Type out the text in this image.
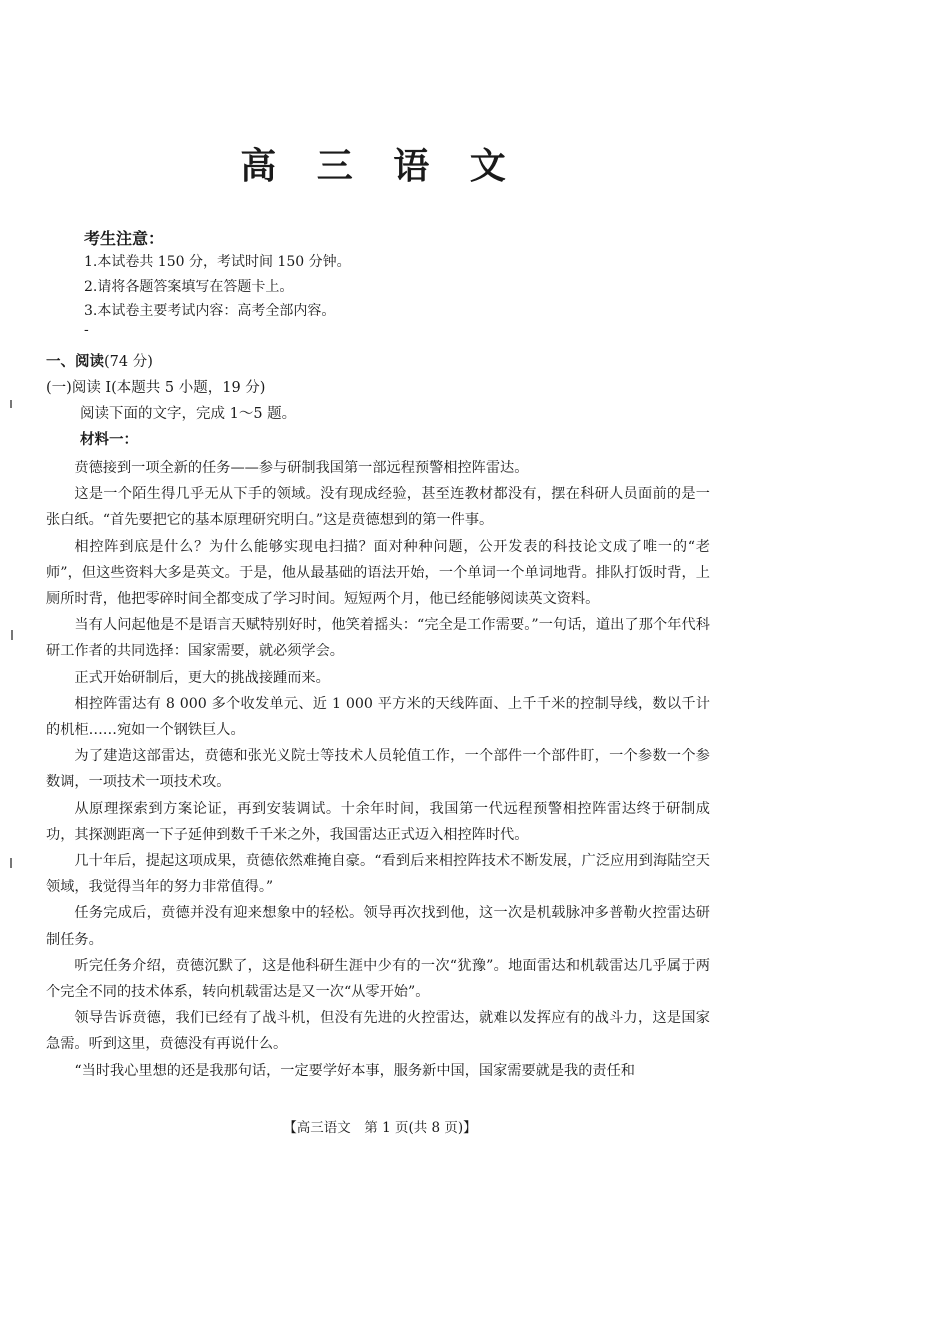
高 三 语 文
考生注意：
1.本试卷共 150 分，考试时间 150 分钟。
2.请将各题答案填写在答题卡上。
3.本试卷主要考试内容：高考全部内容。
-
一、阅读(74 分)
(一)阅读 Ⅰ(本题共 5 小题，19 分)
阅读下面的文字，完成 1～5 题。
材料一：

贲德接到一项全新的任务——参与研制我国第一部远程预警相控阵雷达。

这是一个陌生得几乎无从下手的领域。没有现成经验，甚至连教材都没有，摆在科研人员面前的是一张白纸。“首先要把它的基本原理研究明白。”这是贲德想到的第一件事。

相控阵到底是什么？为什么能够实现电扫描？面对种种问题，公开发表的科技论文成了唯一的“老师”，但这些资料大多是英文。于是，他从最基础的语法开始，一个单词一个单词地背。排队打饭时背，上厕所时背，他把零碎时间全都变成了学习时间。短短两个月，他已经能够阅读英文资料。

当有人问起他是不是语言天赋特别好时，他笑着摇头：“完全是工作需要。”一句话，道出了那个年代科研工作者的共同选择：国家需要，就必须学会。

正式开始研制后，更大的挑战接踵而来。

相控阵雷达有 8 000 多个收发单元、近 1 000 平方米的天线阵面、上千千米的控制导线，数以千计的机柜……宛如一个钢铁巨人。

为了建造这部雷达，贲德和张光义院士等技术人员轮值工作，一个部件一个部件盯，一个参数一个参数调，一项技术一项技术攻。

从原理探索到方案论证，再到安装调试。十余年时间，我国第一代远程预警相控阵雷达终于研制成功，其探测距离一下子延伸到数千千米之外，我国雷达正式迈入相控阵时代。

几十年后，提起这项成果，贲德依然难掩自豪。“看到后来相控阵技术不断发展，广泛应用到海陆空天领域，我觉得当年的努力非常值得。”

任务完成后，贲德并没有迎来想象中的轻松。领导再次找到他，这一次是机载脉冲多普勒火控雷达研制任务。

听完任务介绍，贲德沉默了，这是他科研生涯中少有的一次“犹豫”。地面雷达和机载雷达几乎属于两个完全不同的技术体系，转向机载雷达是又一次“从零开始”。

领导告诉贲德，我们已经有了战斗机，但没有先进的火控雷达，就难以发挥应有的战斗力，这是国家急需。听到这里，贲德没有再说什么。

“当时我心里想的还是我那句话，一定要学好本事，服务新中国，国家需要就是我的责任和

【高三语文　第 1 页(共 8 页)】
